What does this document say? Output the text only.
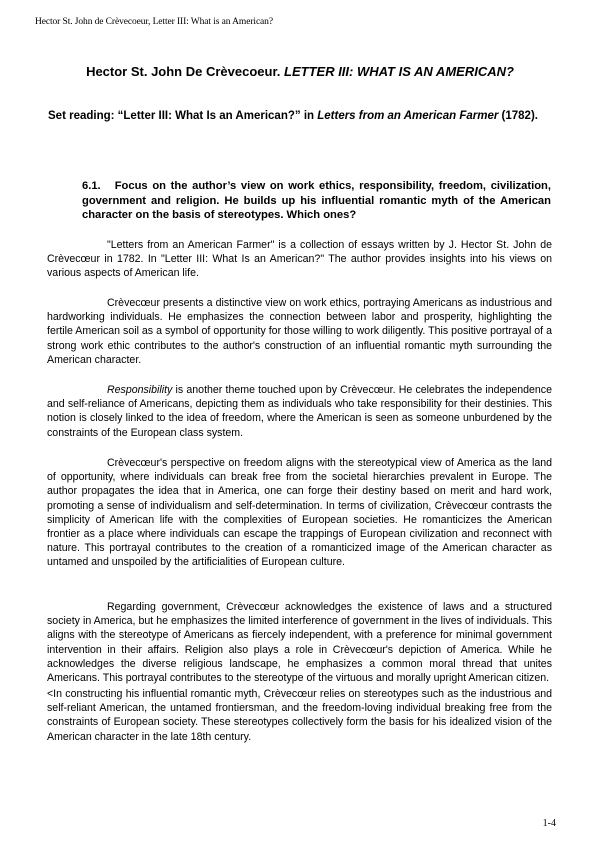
Hector St. John de Crèvecoeur, Letter III: What is an American?
Hector St. John De Crèvecoeur. LETTER III: WHAT IS AN AMERICAN?
Set reading: “Letter III: What Is an American?” in Letters from an American Farmer (1782).
6.1. Focus on the author’s view on work ethics, responsibility, freedom, civilization, government and religion. He builds up his influential romantic myth of the American character on the basis of stereotypes. Which ones?

"Letters from an American Farmer" is a collection of essays written by J. Hector St. John de Crèvecœur in 1782. In "Letter III: What Is an American?" The author provides insights into his views on various aspects of American life.

Crèvecœur presents a distinctive view on work ethics, portraying Americans as industrious and hardworking individuals. He emphasizes the connection between labor and prosperity, highlighting the fertile American soil as a symbol of opportunity for those willing to work diligently. This positive portrayal of a strong work ethic contributes to the author's construction of an influential romantic myth surrounding the American character.

Responsibility is another theme touched upon by Crèvecœur. He celebrates the independence and self-reliance of Americans, depicting them as individuals who take responsibility for their destinies. This notion is closely linked to the idea of freedom, where the American is seen as someone unburdened by the constraints of the European class system.

Crèvecœur's perspective on freedom aligns with the stereotypical view of America as the land of opportunity, where individuals can break free from the societal hierarchies prevalent in Europe. The author propagates the idea that in America, one can forge their destiny based on merit and hard work, promoting a sense of individualism and self-determination. In terms of civilization, Crèvecœur contrasts the simplicity of American life with the complexities of European societies. He romanticizes the American frontier as a place where individuals can escape the trappings of European civilization and reconnect with nature. This portrayal contributes to the creation of a romanticized image of the American character as untamed and unspoiled by the artificialities of European culture.

Regarding government, Crèvecœur acknowledges the existence of laws and a structured society in America, but he emphasizes the limited interference of government in the lives of individuals. This aligns with the stereotype of Americans as fiercely independent, with a preference for minimal government intervention in their affairs. Religion also plays a role in Crèvecœur's depiction of America. While he acknowledges the diverse religious landscape, he emphasizes a common moral thread that unites Americans. This portrayal contributes to the stereotype of the virtuous and morally upright American citizen.

<In constructing his influential romantic myth, Crèvecœur relies on stereotypes such as the industrious and self-reliant American, the untamed frontiersman, and the freedom-loving individual breaking free from the constraints of European society. These stereotypes collectively form the basis for his idealized vision of the American character in the late 18th century.

1-4
